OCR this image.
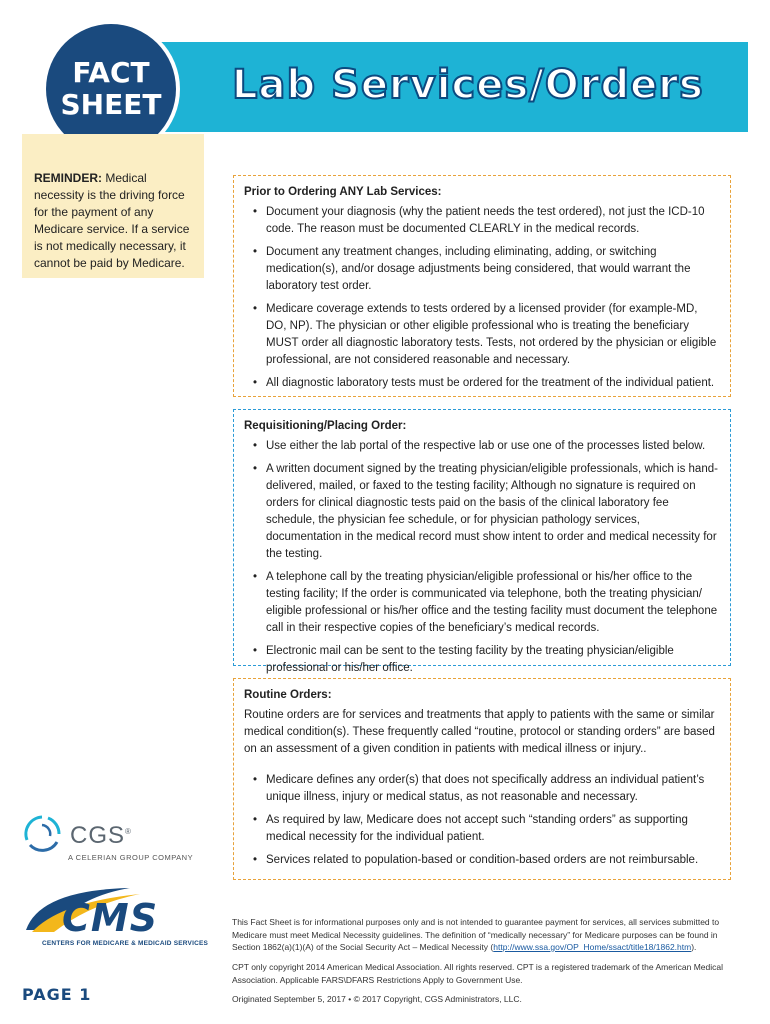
Lab Services/Orders
FACT
SHEET
REMINDER: Medical necessity is the driving force for the payment of any Medicare service. If a service is not medically necessary, it cannot be paid by Medicare.
Prior to Ordering ANY Lab Services:
• Document your diagnosis (why the patient needs the test ordered), not just the ICD-10 code. The reason must be documented CLEARLY in the medical records.
• Document any treatment changes, including eliminating, adding, or switching medication(s), and/or dosage adjustments being considered, that would warrant the laboratory test order.
• Medicare coverage extends to tests ordered by a licensed provider (for example-MD, DO, NP). The physician or other eligible professional who is treating the beneficiary MUST order all diagnostic laboratory tests. Tests, not ordered by the physician or eligible professional, are not considered reasonable and necessary.
• All diagnostic laboratory tests must be ordered for the treatment of the individual patient.
Requisitioning/Placing Order:
• Use either the lab portal of the respective lab or use one of the processes listed below.
• A written document signed by the treating physician/eligible professionals, which is hand-delivered, mailed, or faxed to the testing facility; Although no signature is required on orders for clinical diagnostic tests paid on the basis of the clinical laboratory fee schedule, the physician fee schedule, or for physician pathology services, documentation in the medical record must show intent to order and medical necessity for the testing.
• A telephone call by the treating physician/eligible professional or his/her office to the testing facility; If the order is communicated via telephone, both the treating physician/ eligible professional or his/her office and the testing facility must document the telephone call in their respective copies of the beneficiary’s medical records.
• Electronic mail can be sent to the testing facility by the treating physician/eligible professional or his/her office.
Routine Orders:

Routine orders are for services and treatments that apply to patients with the same or similar medical condition(s). These frequently called “routine, protocol or standing orders” are based on an assessment of a given condition in patients with medical illness or injury..

• Medicare defines any order(s) that does not specifically address an individual patient’s unique illness, injury or medical status, as not reasonable and necessary.
• As required by law, Medicare does not accept such “standing orders” as supporting medical necessity for the individual patient.
• Services related to population-based or condition-based orders are not reimbursable.
CGS®
A CELERIAN GROUP COMPANY
CMS
CENTERS FOR MEDICARE & MEDICAID SERVICES
PAGE 1
This Fact Sheet is for informational purposes only and is not intended to guarantee payment for services, all services submitted to Medicare must meet Medical Necessity guidelines. The definition of “medically necessary” for Medicare purposes can be found in Section 1862(a)(1)(A) of the Social Security Act – Medical Necessity (http://www.ssa.gov/OP_Home/ssact/title18/1862.htm).
CPT only copyright 2014 American Medical Association. All rights reserved. CPT is a registered trademark of the American Medical Association. Applicable FARS\DFARS Restrictions Apply to Government Use.
Originated September 5, 2017 • © 2017 Copyright, CGS Administrators, LLC.
